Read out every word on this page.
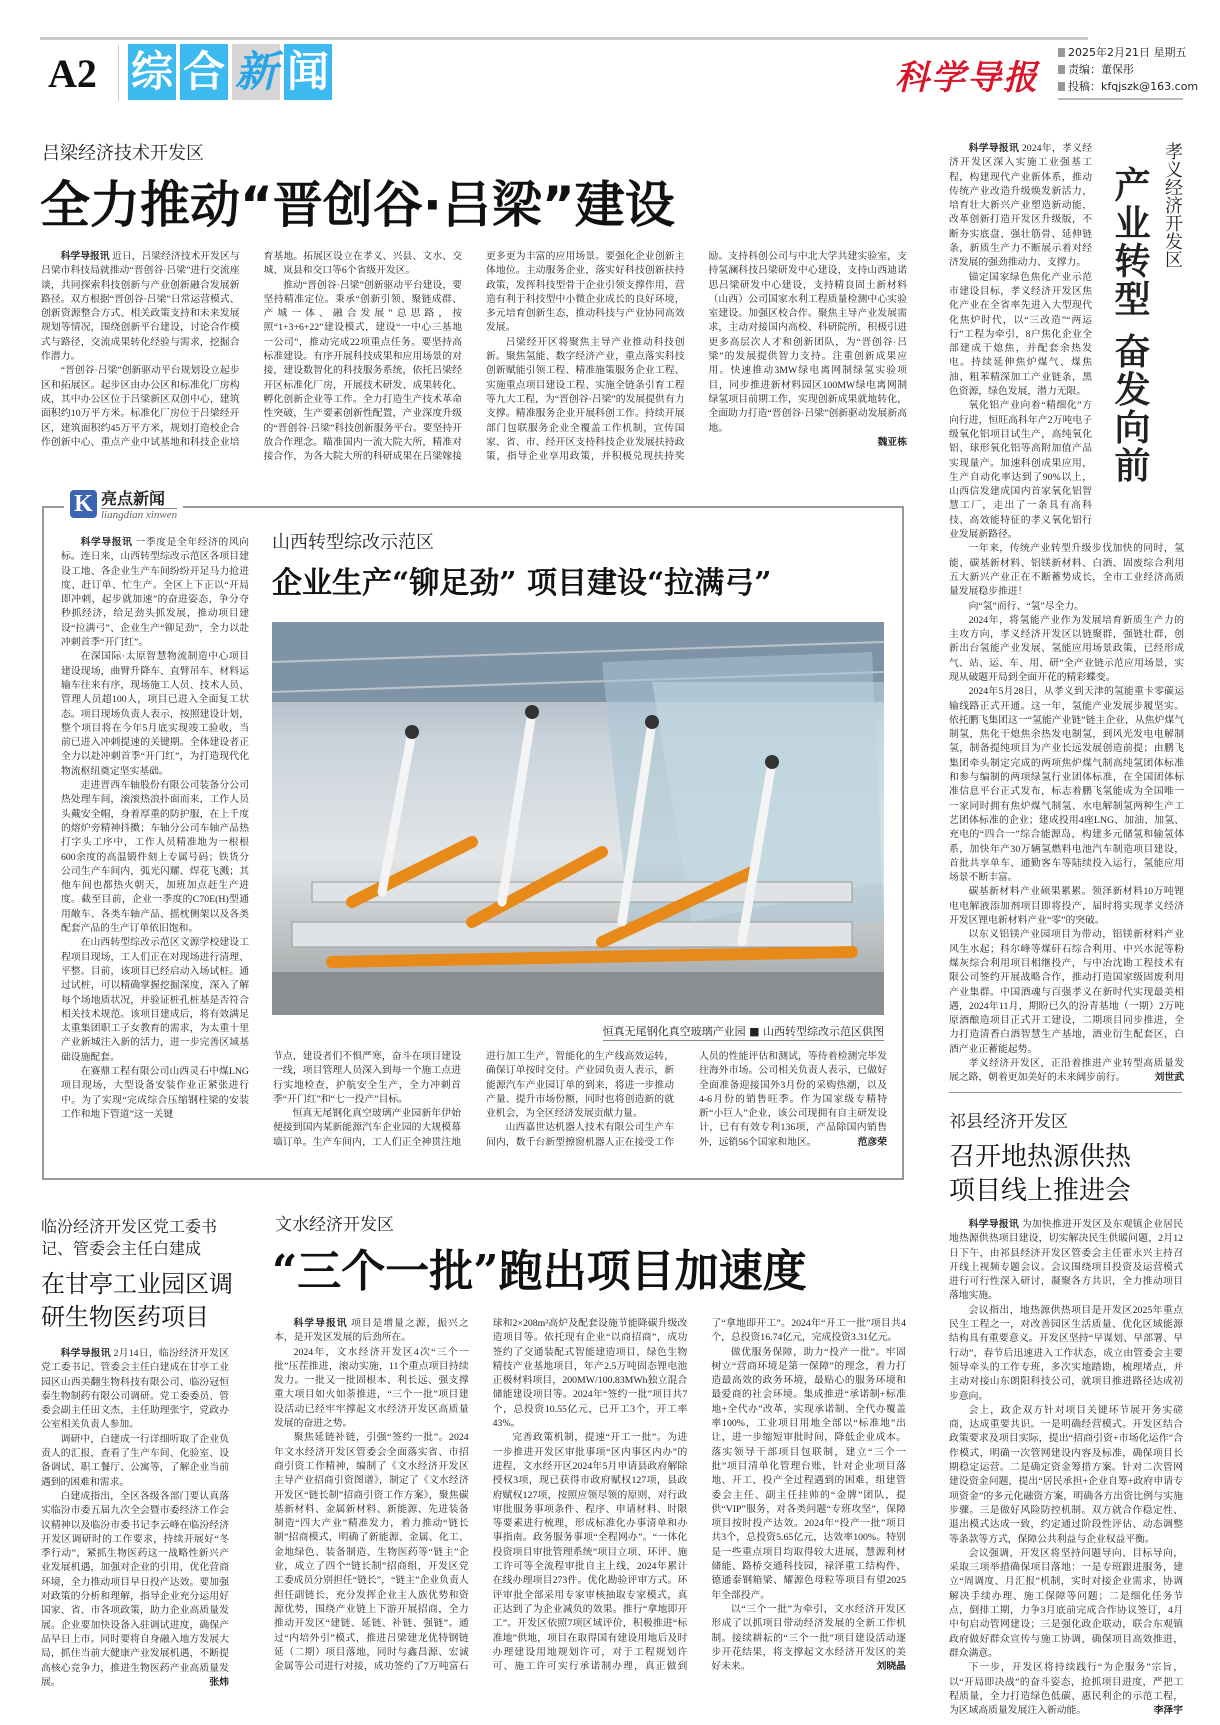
A2 综 合 新 闻	科学导报
2025年2月21日 星期五
责编：董保彤
投稿：kfqjszk@163.com
吕梁经济技术开发区
全力推动“晋创谷·吕梁”建设

科学导报讯 近日，吕梁经济技术开发区与吕梁市科技局就推动“晋创谷·吕梁”进行交流座谈，共同探索科技创新与产业创新融合发展新路径。双方根据“晋创谷·吕梁”日常运营模式、创新资源整合方式、相关政策支持和未来发展规划等情况，围绕创新平台建设，讨论合作模式与路径，交流成果转化经验与需求，挖掘合作潜力。

“晋创谷·吕梁”创新驱动平台规划设立起步区和拓展区。起步区由办公区和标准化厂房构成，其中办公区位于吕梁新区双创中心，建筑面积约10万平方米。标准化厂房位于吕梁经开区，建筑面积约45万平方米，规划打造校企合作创新中心、重点产业中试基地和科技企业培育基地。拓展区设立在孝义、兴县、文水、交城、岚县和交口等6个省级开发区。

推动“晋创谷·吕梁”创新驱动平台建设，要坚持精准定位。秉承“创新引领、聚链成群、产城一体、融合发展”总思路，按照“1+3+6+22”建设模式，建设“一中心三基地一公司”，推动完成22项重点任务。要坚持高标准建设。有序开展科技成果和应用场景的对接，建设数智化的科技服务系统，依托吕梁经开区标准化厂房，开展技术研发、成果转化、孵化创新企业等工作。全力打造生产技术革命性突破，生产要素创新性配置，产业深度升级的“晋创谷·吕梁”科技创新服务平台。要坚持开放合作理念。瞄准国内一流大院大所，精准对接合作，为各大院大所的科研成果在吕梁嫁接更多更为丰富的应用场景。要强化企业创新主体地位。主动服务企业，落实好科技创新扶持政策，发挥科技型骨干企业引领支撑作用，营造有利于科技型中小微企业成长的良好环境，多元培育创新生态，推动科技与产业协同高效发展。

吕梁经开区将聚焦主导产业推动科技创新。聚焦氢能、数字经济产业，重点落实科技创新赋能引领工程、精准施策服务企业工程、实施重点项目建设工程、实施全链条引育工程等九大工程，为“晋创谷·吕梁”的发展提供有力支撑。精准服务企业开展科创工作。持续开展部门包联服务企业全覆盖工作机制，宣传国家、省、市、经开区支持科技企业发展扶持政策，指导企业享用政策，并积极兑现扶持奖励。支持科创公司与中北大学共建实验室，支持氢澜科技吕梁研发中心建设，支持山西迪诺思吕梁研发中心建设，支持精良固土新材料（山西）公司国家水利工程质量检测中心实验室建设。加强区校合作。聚焦主导产业发展需求，主动对接国内高校、科研院所，积极引进更多高层次人才和创新团队，为“晋创谷·吕梁”的发展提供智力支持。注重创新成果应用。快速推动3MW绿电离网制绿氢实验项目，同步推进新材料园区100MW绿电离网制绿氢项目前期工作，实现创新成果就地转化，全面助力打造“晋创谷·吕梁”创新驱动发展新高地。

魏亚栋

孝义经济开发区
产业转型 奋发向前

科学导报讯 2024年，孝义经济开发区深入实施工业强基工程，构建现代产业新体系，推动传统产业改造升级焕发新活力，培育壮大新兴产业塑造新动能，改革创新打造开发区升级版，不断夯实底盘、强壮筋骨、延伸链条，新质生产力不断展示着对经济发展的强劲推动力、支撑力。

锚定国家绿色焦化产业示范市建设目标，孝义经济开发区焦化产业在全省率先进入大型现代化焦炉时代，以“三改造”“两运行”工程为牵引，8户焦化企业全部建成干熄焦，并配套余热发电。持续延伸焦炉煤气、煤焦油、粗苯精深加工产业链条，黑色资源，绿色发展，潜力无限。

氧化铝产业向着“精细化”方向行进，恒旺高科年产2万吨电子级氧化铝项目试生产，高纯氧化铝、球形氧化铝等高附加值产品实现量产。加速科创成果应用，生产自动化率达到了90%以上，山西信发建成国内首家氧化铝智慧工厂，走出了一条具有高科技、高效能特征的孝义氧化铝行业发展新路径。

一年来，传统产业转型升级步伐加快的同时，氢能、碳基新材料、铝镁新材料、白酒、固废综合利用五大新兴产业正在不断蓄势成长，全市工业经济高质量发展稳步推进！

向“氢”而行、“氢”尽全力。

2024年，将氢能产业作为发展培育新质生产力的主攻方向，孝义经济开发区以链聚群，强链壮群，创新出台氢能产业发展、氢能应用场景政策，已经形成气、站、运、车、用、研”全产业链示范应用场景，实现从破题开局到全面开花的精彩蝶变。

2024年5月28日，从孝义到天津的氢能重卡零碳运输线路正式开通。这一年，氢能产业发展步履坚实。依托鹏飞集团这一“氢能产业链”链主企业，从焦炉煤气制氢，焦化干熄焦余热发电制氢，到风光发电电解制氢，制备提纯项目为产业长远发展创造前提；由鹏飞集团牵头制定完成的两项焦炉煤气制高纯氢团体标准和参与编制的两项绿氢行业团体标准，在全国团体标准信息平台正式发布，标志着鹏飞氢能成为全国唯一一家同时拥有焦炉煤气制氢、水电解制氢两种生产工艺团体标准的企业；建成投用4座LNG、加油、加氢、充电的“四合一”综合能源岛，构建多元储氢和输氢体系，加快年产30万辆氢燃料电池汽车制造项目建设，首批共享单车、通勤客车等陆续投入运行，氢能应用场景不断丰富。

碳基新材料产业硕果累累。领泽新材料10万吨锂电电解液添加剂项目即将投产，届时将实现孝义经济开发区锂电新材料产业“零”的突破。

以东义铝镁产业园项目为带动，铝镁新材料产业风生水起；科尔峰等煤矸石综合利用、中兴水泥等粉煤灰综合利用项目相继投产，与中冶沈勘工程技术有限公司签约开展战略合作，推动打造国家级固废利用产业集群。中国酒魂与百强孝义在新时代实现最美相遇，2024年11月，期盼已久的汾青基地（一期）2万吨原酒酿造项目正式开工建设，二期项目同步推进，全力打造清香白酒智慧生产基地，酒业衍生配套区，白酒产业正蓄能起势。

孝义经济开发区，正沿着推进产业转型高质量发展之路，朝着更加美好的未来阔步前行。	刘世武

K 亮点新闻
liangdian xinwen

科学导报讯 一季度是全年经济的风向标。连日来，山西转型综改示范区各项目建设工地、各企业生产车间纷纷开足马力抢进度、赶订单、忙生产。全区上下正以“开局即冲刺，起步就加速”的奋进姿态，争分夺秒抓经济，给足劲头抓发展，推动项目建设“拉满弓”、企业生产“铆足劲”，全力以赴冲刺首季“开门红”。

在深国际·太原智慧物流制造中心项目建设现场，曲臂升降车、直臂吊车、材料运输车往来有序，现场施工人员、技术人员、管理人员超100人，项目已进入全面复工状态。项目现场负责人表示，按照建设计划，整个项目将在今年5月底实现竣工验收，当前已进入冲刺提速的关键期。全体建设者正全力以赴冲刺首季“开门红”，为打造现代化物流枢纽奠定坚实基础。

走进晋西车轴股份有限公司装备分公司热处理车间，滚滚热浪扑面而来，工作人员头戴安全帽，身着厚重的防护服，在上千度的熔炉旁精神抖擞；车轴分公司车轴产品热打字头工序中，工作人员精准地为一根根600余度的高温锻件刻上专属号码；铁货分公司生产车间内，弧光闪耀、焊花飞溅；其他车间也都热火朝天，加班加点赶生产进度。截至目前，企业一季度的C70E(H)型通用敞车、各类车轴产品、摇枕侧架以及各类配套产品的生产订单依旧饱和。

在山西转型综改示范区文源学校建设工程项目现场，工人们正在对现场进行清理、平整。目前，该项目已经启动入场试桩。通过试桩，可以精确掌握挖掘深度，深入了解每个场地质状况，并验证桩孔桩基是否符合相关技术规范。该项目建成后，将有效满足太重集团职工子女教育的需求，为太重十里产业新城注入新的活力，进一步完善区域基础设施配套。

在赛鼎工程有限公司山西灵石中煤LNG项目现场，大型设备安装作业正紧张进行中。为了实现“完成综合压缩钢柱梁的安装工作和地下管道”这一关键

山西转型综改示范区
企业生产“铆足劲” 项目建设“拉满弓”
恒真无尾钢化真空玻璃产业园 ■ 山西转型综改示范区供图

节点，建设者们不惧严寒，奋斗在项目建设一线，项目管理人员深入到每一个施工点进行实地检查，护航安全生产，全力冲刺首季“开门红”和“七一投产”目标。

恒真无尾钢化真空玻璃产业园新年伊始便接到国内某新能源汽车企业园的大规模幕墙订单。生产车间内，工人们正全神贯注地进行加工生产，智能化的生产线高效运转，确保订单按时交付。产业园负责人表示，新能源汽车产业园订单的到来，将进一步推动产量、提升市场份额，同时也将创造新的就业机会，为全区经济发展贡献力量。

山西嘉世达机器人技术有限公司生产车间内，数千台新型擦窗机器人正在接受工作人员的性能评估和测试，等待着检测完毕发往海外市场。公司相关负责人表示，已做好全面准备迎接国外3月份的采购热潮，以及4-6月份的销售旺季。作为国家级专精特新“小巨人”企业，该公司现拥有自主研发设计，已有有效专利136项，产品除国内销售外，远销56个国家和地区。	范彦荣

祁县经济开发区
召开地热源供热
项目线上推进会

科学导报讯 为加快推进开发区及东观镇企业居民地热源供热项目建设，切实解决民生供暖问题，2月12日下午，由祁县经济开发区管委会主任霍永兴主持召开线上视频专题会议。会议围绕项目投资及运营模式进行可行性深入研讨，凝聚各方共识，全力推动项目落地实施。

会议指出，地热源供热项目是开发区2025年重点民生工程之一，对改善园区生活质量、优化区域能源结构具有重要意义。开发区坚持“早谋划、早部署、早行动”，春节后迅速进入工作状态，成立由管委会主要领导牵头的工作专班，多次实地踏勘，梳理堵点，并主动对接山东朗阳科技公司，就项目推进路径达成初步意向。

会上，政企双方针对项目关键环节展开务实磋商，达成重要共识。一是明确经营模式。开发区结合政策要求及项目实际，提出“招商引资+市场化运作”合作模式，明确一次管网建设内容及标准，确保项目长期稳定运营。二是确定资金筹措方案。针对二次管网建设资金问题，提出“居民承担+企业自筹+政府申请专项资金”的多元化融资方案，明确各方出资比例与实施步骤。三是做好风险防控机制。双方就合作稳定性、退出模式达成一致，约定通过阶段性评估、动态调整等条款等方式，保障公共利益与企业权益平衡。

会议强调，开发区将坚持问题导向、目标导向，采取三项举措确保项目落地：一是专班跟进服务，建立“周调度、月汇报”机制，实时对接企业需求，协调解决手续办理、施工保障等问题；二是细化任务节点，倒排工期，力争3月底前完成合作协议签订，4月中旬启动管网建设；三是强化政企联动，联合东观镇政府做好群众宣传与施工协调，确保项目高效推进，群众满意。

下一步，开发区将持续践行“为企服务”宗旨，以“开局即决战”的奋斗姿态，抢抓项目进度，严把工程质量，全力打造绿色低碳、惠民利企的示范工程，为区域高质量发展注入新动能。	李泽宇

临汾经济开发区党工委书记、管委会主任白建成
在甘亭工业园区调研生物医药项目

科学导报讯 2月14日，临汾经济开发区党工委书记、管委会主任白建成在甘亭工业园区山西美翻生物科技有限公司、临汾冠恒泰生物制药有限公司调研。党工委委员、管委会副主任田文杰，主任助理张宇，党政办公室相关负责人参加。

调研中，白建成一行详细听取了企业负责人的汇报，查看了生产车间、化验室、设备调试、职工餐厅、公寓等，了解企业当前遇到的困难和需求。

白建成指出，全区各级各部门要认真落实临汾市委五届九次全会暨市委经济工作会议精神以及临汾市委书记李云峰在临汾经济开发区调研时的工作要求，持续开展好“冬季行动”，紧抓生物医药这一战略性新兴产业发展机遇，加强对企业的引用，优化营商环境，全力推动项目早日投产达效。要加强对政策的分析和理解，指导企业充分运用好国家、省、市各项政策，助力企业高质量发展。企业要加快设备入驻调试进度，确保产品早日上市。同时要将自身融入地方发展大局，抓住当前大健康产业发展机遇，不断提高核心竞争力，推进生物医药产业高质量发展。	张炜

文水经济开发区
“三个一批”跑出项目加速度

科学导报讯 项目是增量之源，振兴之本，是开发区发展的后劲所在。

2024年，文水经济开发区4次“三个一批”压茬推进，滚动实施，11个重点项目持续发力。一批又一批固根本、利长远、强支撑重大项目如火如荼推进，“三个一批”项目建设活动已经牢牢撑起文水经济开发区高质量发展的奋进之势。

聚焦延链补链，引强“签约一批”。2024年文水经济开发区管委会全面落实省、市招商引资工作精神，编制了《文水经济开发区主导产业招商引资图谱》，制定了《文水经济开发区“链长制”招商引资工作方案》，聚焦碳基新材料、金属新材料、新能源、先进装备制造“四大产业”精准发力，着力推动“链长制”招商模式，明确了新能源、金属、化工、金地绿色、装备制造、生物医药等“链主”企业，成立了四个“链长制”招商组，开发区党工委成员分别担任“链长”，“链主”企业负责人担任副链长，充分发挥企业主人族优势和资源优势，围绕产业链上下游开展招商，全力推动开发区“建链、延链、补链、强链”。通过“内培外引”模式，推进吕梁建龙优特钢链延（二期）项目落地，同时与鑫昌源、宏诚金属等公司进行对接，成功签约了7万吨富石球和2×208m³高炉及配套设施节能降碳升级改造项目等。依托现有企业“以商招商”，成功签约了交通装配式智能建造项目，绿色生物精技产业基地项目，年产2.5万吨固态锂电池正极材料项目，200MW/100.83MWh独立混合储能建设项目等。2024年“签约一批”项目共7个，总投资10.55亿元，已开工3个，开工率43%。

完善政策机制，提速“开工一批”。为进一步推进开发区审批事项“区内事区内办”的进程，文水经开区2024年5月申请县政府解除授权3项，现已获得市政府赋权127项，县政府赋权127项，按照应领尽领的原则，对行政审批服务事项条件、程序、申请材料、时限等要素进行梳理，形成标准化办事清单和办事指南。政务服务事项“全程网办”。“一体化投资项目审批管理系统”项目立项、环评、施工许可等全流程审批自主上线，2024年累计在线办理项目273件。优化勘验评审方式。环评审批全部采用专家审核抽取专家模式，真正达到了为企业减负的效果。推行“拿地即开工”。开发区依照7项区域评价，积极推进“标准地”供地，项目在取得国有建设用地后及时办理建设用地规划许可，对于工程规划许可、施工许可实行承诺制办理，真正做到了“拿地即开工”。2024年“开工一批”项目共4个，总投资16.74亿元，完成投资3.31亿元。

做优服务保障，助力“投产一批”。牢固树立“营商环境是第一保障”的理念，着力打造最高效的政务环境，最贴心的服务环境和最爱商的社会环境。集成推进“承诺制+标准地+全代办”改革，实现承诺制、全代办覆盖率100%，工业项目用地全部以“标准地”出让，进一步缩短审批时间，降低企业成本。落实领导干部项目包联制，建立“三个一批”项目清单化管理台账，针对企业项目落地、开工、投产全过程遇到的困难，组建管委会主任、副主任挂帅的“金牌”团队，提供“VIP”服务，对各类问题“专班攻坚”，保障项目按时投产达效。2024年“投产一批”项目共3个，总投资5.65亿元，达效率100%。特别是一些重点项目均取得较大进展，慧源利材储能、路桥交通科技园，禄泽重工结构件、德通泰钢箱梁、耀源色母粒等项目有望2025年全部投产。

以“三个一批”为牵引，文水经济开发区形成了以抓项目带动经济发展的全新工作机制。接续耕耘的“三个一批”项目建设活动逐步开花结果，将支撑起文水经济开发区的美好未来。	刘晓晶
